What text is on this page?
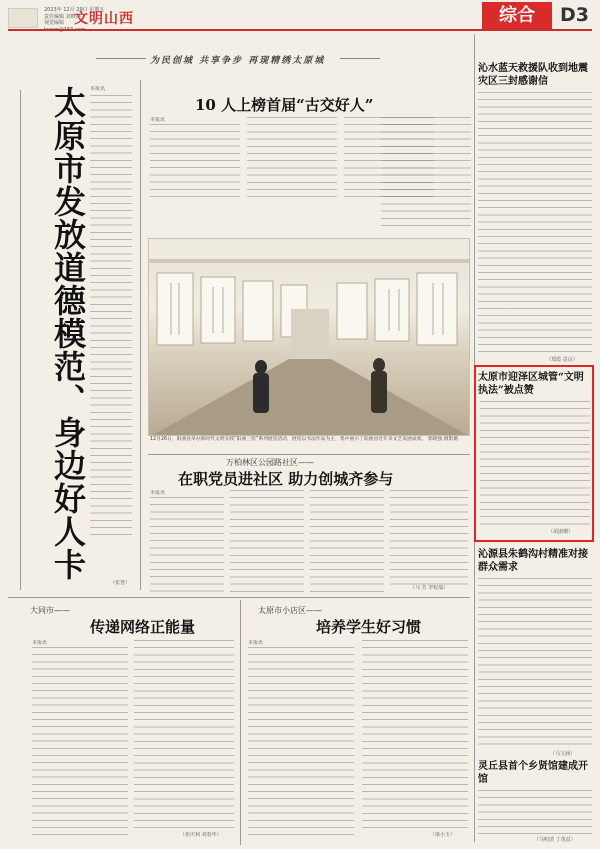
2023年 12月 29日 星期五
责任编辑 刘晓燕
视觉编辑 文明山西	综合	D3
为民创城 共享争步 再现精绣太原城
太原市发放道德模范、身边好人卡 本报讯
（张慧）
10 人上榜首届“古交好人”
本报讯
12月26日，阳曲县举办新时代文明实践“阳曲三馆”系列展览活动，展览以书法作品为主，集中展示了阳曲县近年来文艺发展成果。 郭晓强 摄影摄
万柏林区公园路社区——
在职党员进社区 助力创城齐参与
本报讯
（马 芳 李程瑞）
大同市——
传递网络正能量
本报讯
（张庆利 刘春华）
太原市小店区——
培养学生好习惯
本报讯
（梁小玉）
沁水蓝天救援队收到地震灾区三封感谢信
（郑霞 袁良）
太原市迎泽区城管“文明执法”被点赞
（胡淑珊）
沁源县朱鹤沟村精准对接群众需求
（马文涵）
灵丘县首个乡贤馆建成开馆
（马明清 丁茂益）
